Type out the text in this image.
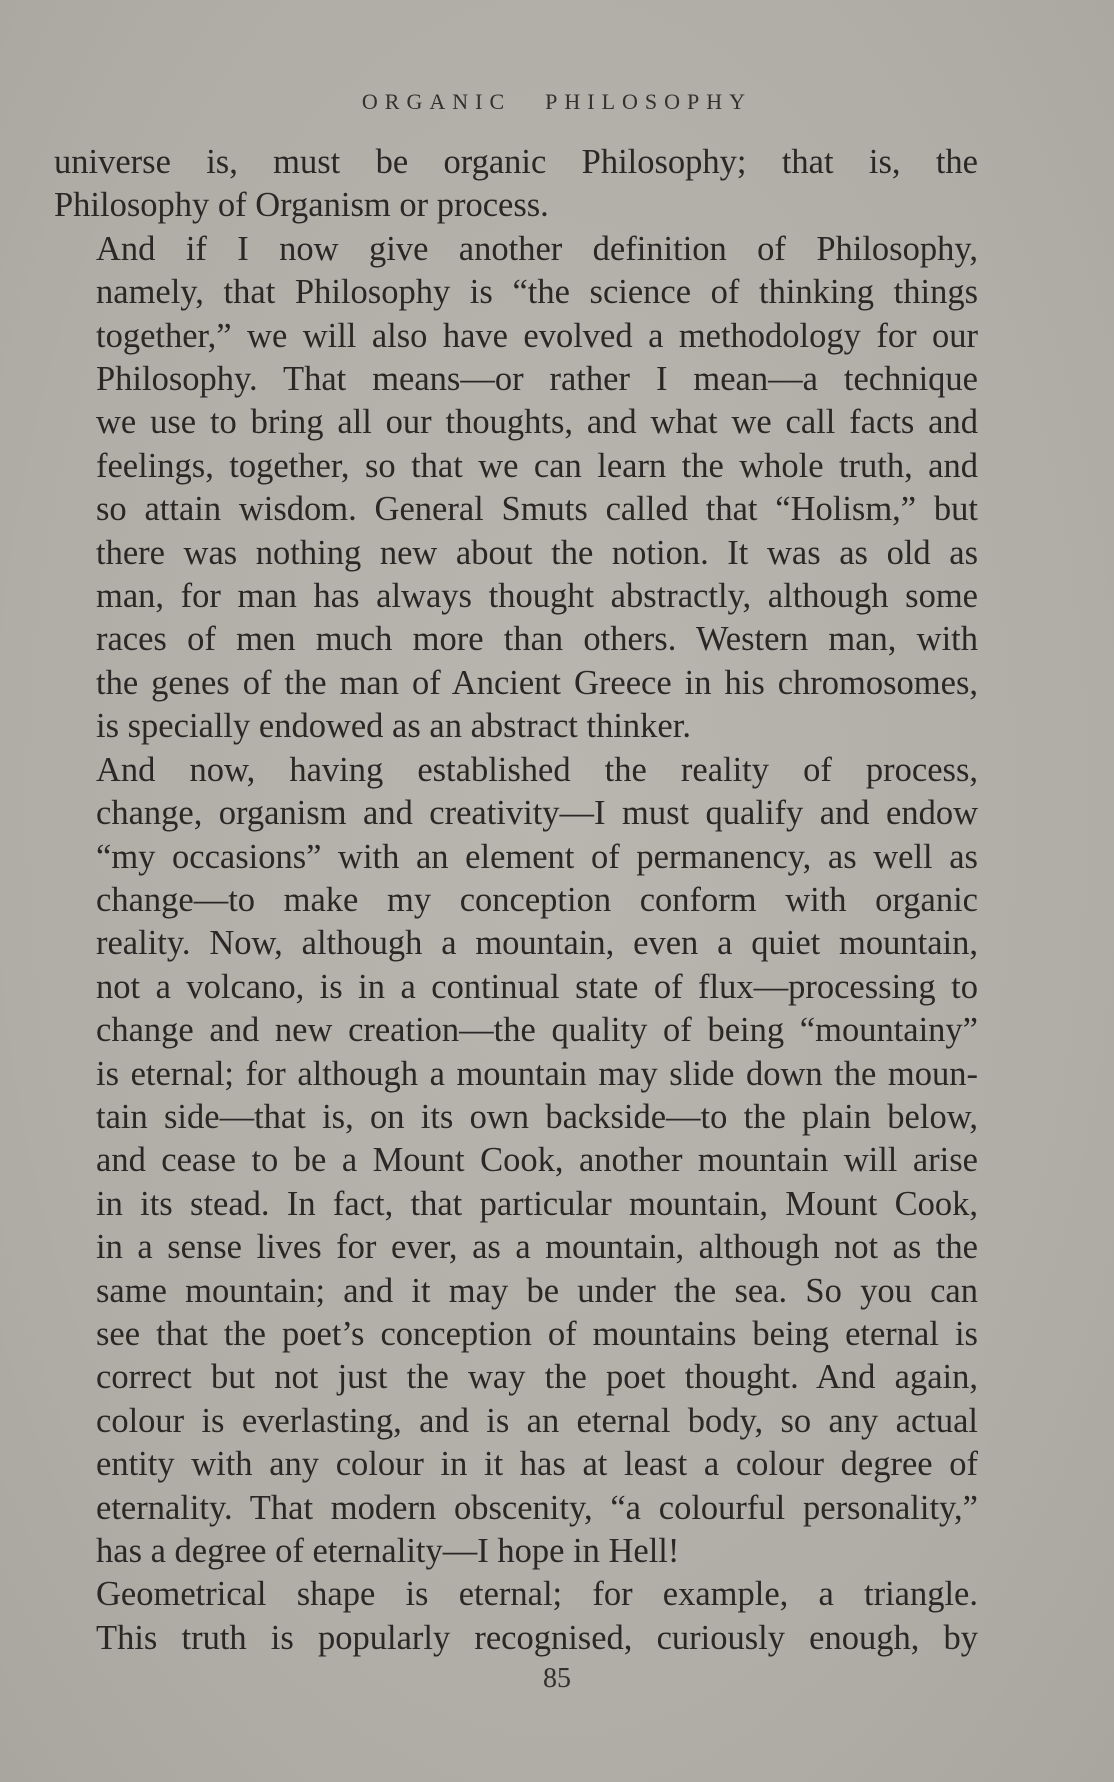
ORGANIC PHILOSOPHY

universe is, must be organic Philosophy; that is, the
Philosophy of Organism or process.

And if I now give another definition of Philosophy,
namely, that Philosophy is “the science of thinking things
together,” we will also have evolved a methodology for our
Philosophy. That means—or rather I mean—a technique
we use to bring all our thoughts, and what we call facts and
feelings, together, so that we can learn the whole truth, and
so attain wisdom. General Smuts called that “Holism,” but
there was nothing new about the notion. It was as old as
man, for man has always thought abstractly, although some
races of men much more than others. Western man, with
the genes of the man of Ancient Greece in his chromosomes,
is specially endowed as an abstract thinker.

And now, having established the reality of process,
change, organism and creativity—I must qualify and endow
“my occasions” with an element of permanency, as well as
change—to make my conception conform with organic
reality. Now, although a mountain, even a quiet mountain,
not a volcano, is in a continual state of flux—processing to
change and new creation—the quality of being “mountainy”
is eternal; for although a mountain may slide down the moun-
tain side—that is, on its own backside—to the plain below,
and cease to be a Mount Cook, another mountain will arise
in its stead. In fact, that particular mountain, Mount Cook,
in a sense lives for ever, as a mountain, although not as the
same mountain; and it may be under the sea. So you can
see that the poet’s conception of mountains being eternal is
correct but not just the way the poet thought. And again,
colour is everlasting, and is an eternal body, so any actual
entity with any colour in it has at least a colour degree of
eternality. That modern obscenity, “a colourful personality,”
has a degree of eternality—I hope in Hell!

Geometrical shape is eternal; for example, a triangle.
This truth is popularly recognised, curiously enough, by

85
